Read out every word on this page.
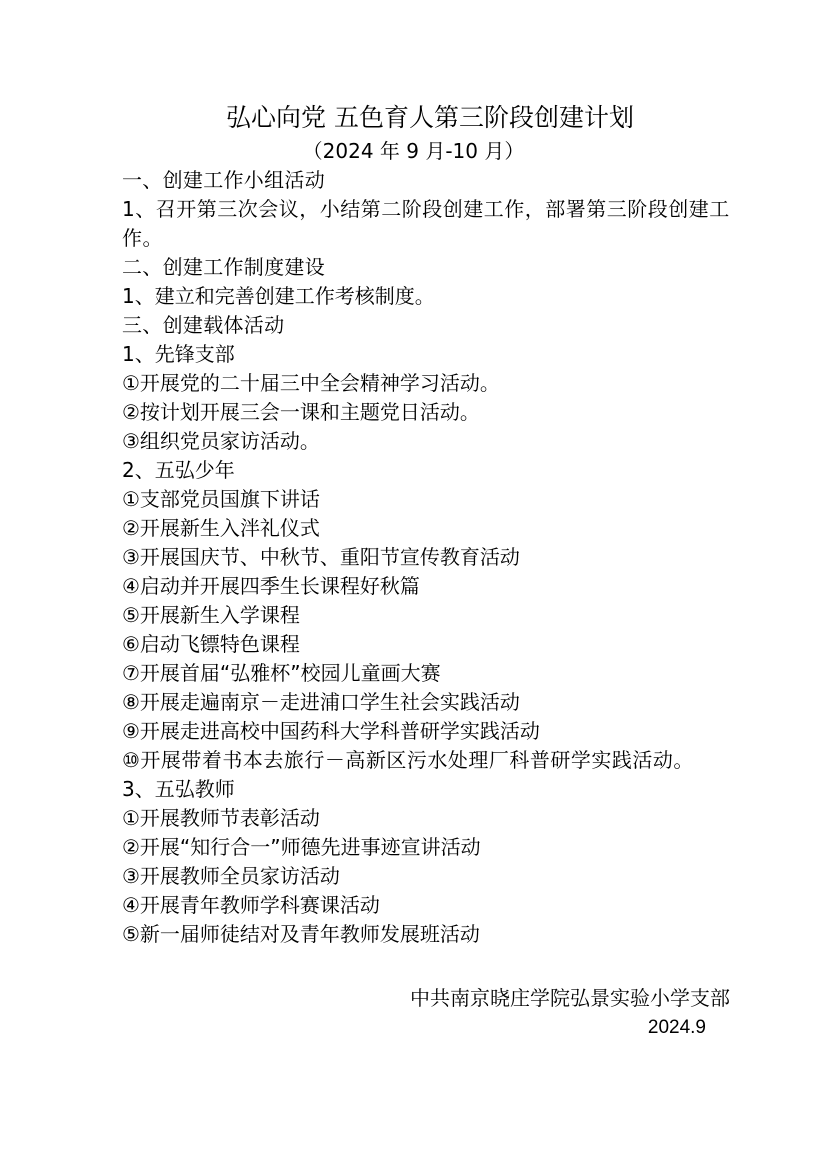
弘心向党 五色育人第三阶段创建计划
（2024 年 9 月-10 月）

一、创建工作小组活动

1、召开第三次会议，小结第二阶段创建工作，部署第三阶段创建工作。

二、创建工作制度建设

1、建立和完善创建工作考核制度。

三、创建载体活动

1、先锋支部

①开展党的二十届三中全会精神学习活动。

②按计划开展三会一课和主题党日活动。

③组织党员家访活动。

2、五弘少年

①支部党员国旗下讲话

②开展新生入泮礼仪式

③开展国庆节、中秋节、重阳节宣传教育活动

④启动并开展四季生长课程好秋篇

⑤开展新生入学课程

⑥启动飞镖特色课程

⑦开展首届“弘雅杯”校园儿童画大赛

⑧开展走遍南京－走进浦口学生社会实践活动

⑨开展走进高校中国药科大学科普研学实践活动

⑩开展带着书本去旅行－高新区污水处理厂科普研学实践活动。

3、五弘教师

①开展教师节表彰活动

②开展“知行合一”师德先进事迹宣讲活动

③开展教师全员家访活动

④开展青年教师学科赛课活动

⑤新一届师徒结对及青年教师发展班活动

中共南京晓庄学院弘景实验小学支部
2024.9
